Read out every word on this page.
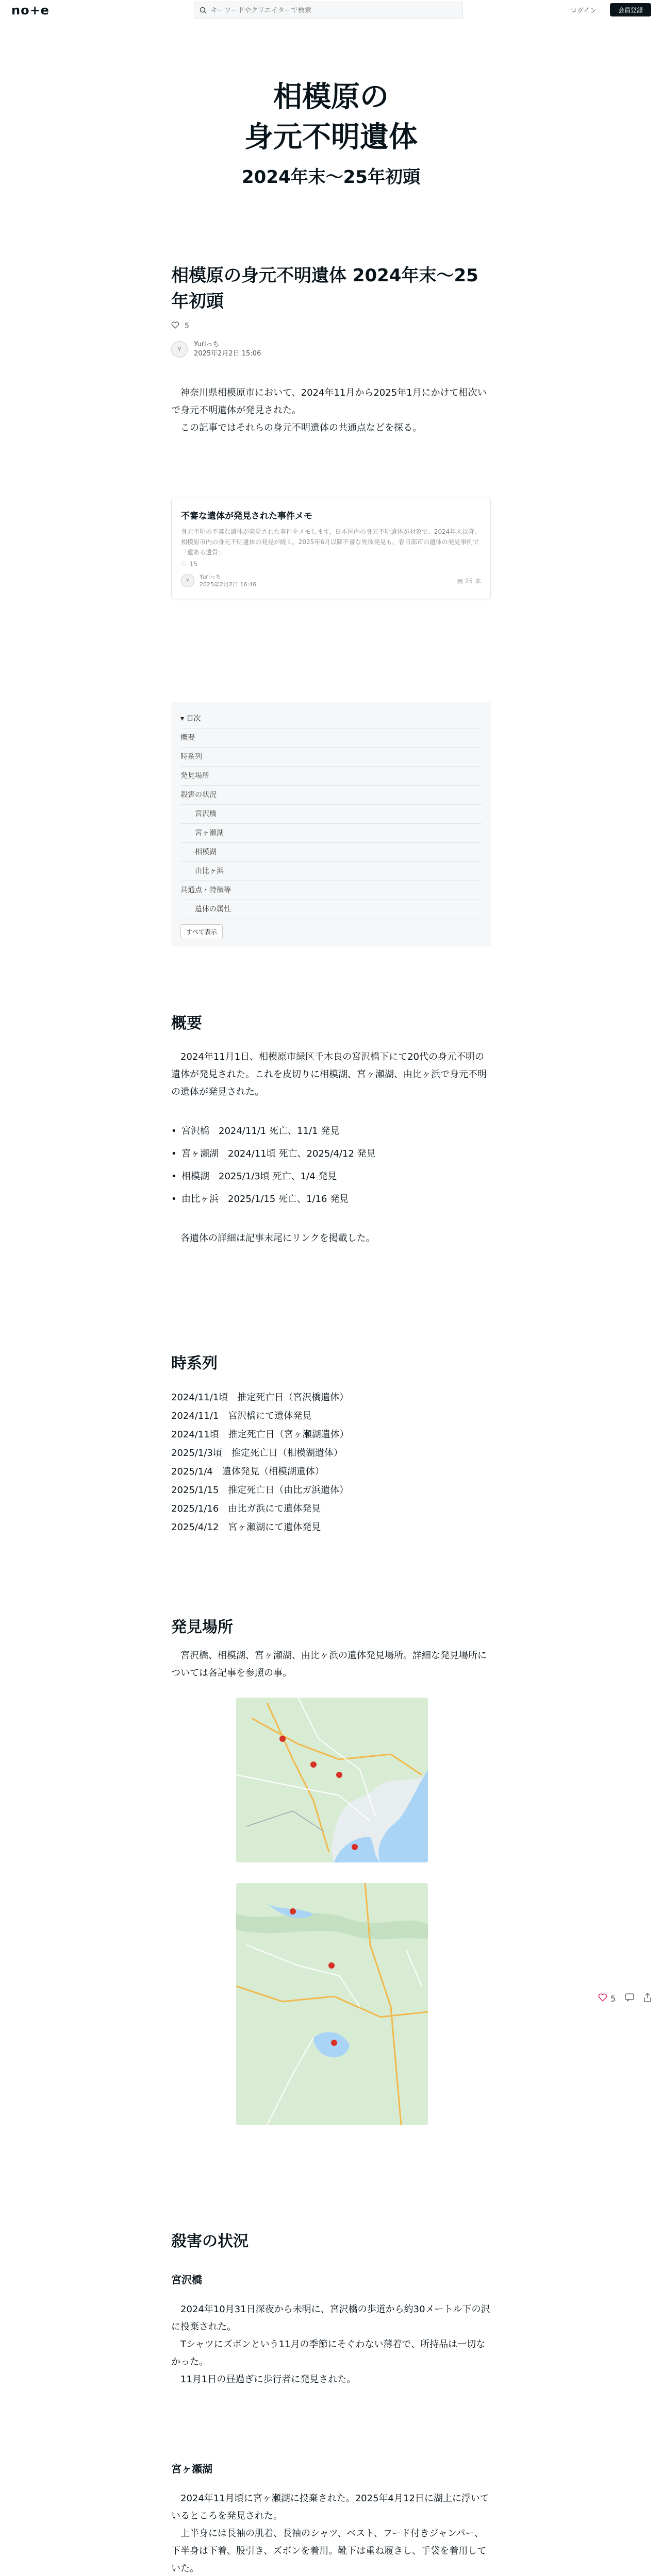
no+e
キーワードやクリエイターで検索	ログイン	会員登録
相模原の
身元不明遺体
2024年末〜25年初頭
相模原の身元不明遺体 2024年末〜25年初頭
5
Y
Yuriっち
2025年2月2日 15:06
　神奈川県相模原市において、2024年11月から2025年1月にかけて相次いで身元不明遺体が発見された。
　この記事ではそれらの身元不明遺体の共通点などを探る。
不審な遺体が発見された事件メモ
身元不明の不審な遺体が発見された事件をメモします。日本国内の身元不明遺体が対象で、2024年末以降、相模原市内の身元不明遺体の発見が続く。2025年6月以降不審な死体発見も。春日部市の遺体の発見事例で「遺ある遺骨」
♡ 15
Y
Yuriっち
2025年2月2日 16:46	▤ 25 本
▾ 目次
概要
時系列
発見場所
殺害の状況
宮沢橋
宮ヶ瀬湖
相模湖
由比ヶ浜
共通点・特徴等
遺体の属性
すべて表示
概要
　2024年11月1日、相模原市緑区千木良の宮沢橋下にて20代の身元不明の遺体が発見された。これを皮切りに相模湖、宮ヶ瀬湖、由比ヶ浜で身元不明の遺体が発見された。
• 宮沢橋　2024/11/1 死亡、11/1 発見
• 宮ヶ瀬湖　2024/11頃 死亡、2025/4/12 発見
• 相模湖　2025/1/3頃 死亡、1/4 発見
• 由比ヶ浜　2025/1/15 死亡、1/16 発見
　各遺体の詳細は記事末尾にリンクを掲載した。
時系列
2024/11/1頃　推定死亡日（宮沢橋遺体）
2024/11/1　宮沢橋にて遺体発見
2024/11頃　推定死亡日（宮ヶ瀬湖遺体）
2025/1/3頃　推定死亡日（相模湖遺体）
2025/1/4　遺体発見（相模湖遺体）
2025/1/15　推定死亡日（由比ガ浜遺体）
2025/1/16　由比ガ浜にて遺体発見
2025/4/12　宮ヶ瀬湖にて遺体発見
発見場所
　宮沢橋、相模湖、宮ヶ瀬湖、由比ヶ浜の遺体発見場所。詳細な発見場所については各記事を参照の事。
殺害の状況
宮沢橋
　2024年10月31日深夜から未明に、宮沢橋の歩道から約30メートル下の沢に投棄された。
　Tシャツにズボンという11月の季節にそぐわない薄着で、所持品は一切なかった。
　11月1日の昼過ぎに歩行者に発見された。
宮ヶ瀬湖
　2024年11月頃に宮ヶ瀬湖に投棄された。2025年4月12日に湖上に浮いているところを発見された。
　上半身には長袖の肌着、長袖のシャツ、ベスト、フード付きジャンパー、下半身は下着、股引き、ズボンを着用。靴下は重ね履きし、手袋を着用していた。
5
